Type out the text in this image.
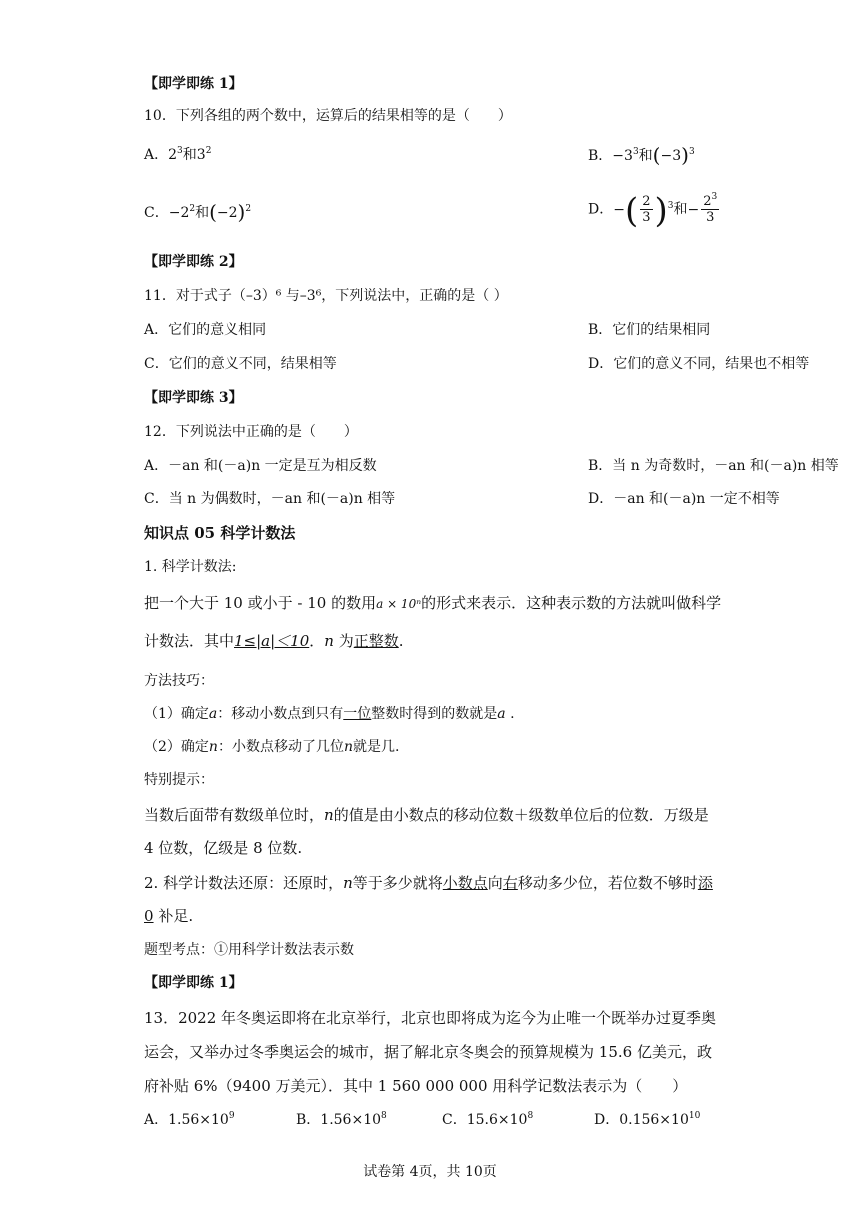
【即学即练 1】
10．下列各组的两个数中，运算后的结果相等的是（　　）
A．$2^3$和$3^2$	B．$-3^3$和$(-3)^3$
C．$-2^2$和$(-2)^2$	D．−( $\frac{2}{3} )^3$和− $\frac{2^3}{3}$
【即学即练 2】
11．对于式子（–3）⁶ 与–3⁶，下列说法中，正确的是（ ）
A．它们的意义相同	B．它们的结果相同
C．它们的意义不同，结果相等	D．它们的意义不同，结果也不相等
【即学即练 3】
12．下列说法中正确的是（　　）
A．－an 和(－a)n 一定是互为相反数	B．当 n 为奇数时，－an 和(－a)n 相等
C．当 n 为偶数时，－an 和(－a)n 相等	D．－an 和(－a)n 一定不相等
知识点 05 科学计数法
1. 科学计数法:
把一个大于 10 或小于 - 10 的数用a × 10ⁿ的形式来表示．这种表示数的方法就叫做科学
计数法．其中1≤|a|＜10．n 为正整数.
方法技巧：
（1）确定a：移动小数点到只有一位整数时得到的数就是a .
（2）确定n：小数点移动了几位n就是几.
特别提示：
当数后面带有数级单位时，n的值是由小数点的移动位数＋级数单位后的位数．万级是
4 位数，亿级是 8 位数.
2. 科学计数法还原：还原时，n等于多少就将小数点向右移动多少位，若位数不够时添
0 补足.
题型考点：①用科学计数法表示数
【即学即练 1】
13．2022 年冬奥运即将在北京举行，北京也即将成为迄今为止唯一个既举办过夏季奥
运会，又举办过冬季奥运会的城市，据了解北京冬奥会的预算规模为 15.6 亿美元，政
府补贴 6%（9400 万美元）．其中 1 560 000 000 用科学记数法表示为（　　）
A．$1.56\times 10^9$	B．$1.56\times 10^8$	C．$15.6\times 10^8$	D．$0.156\times 10^{10}$
试卷第 4页，共 10页
